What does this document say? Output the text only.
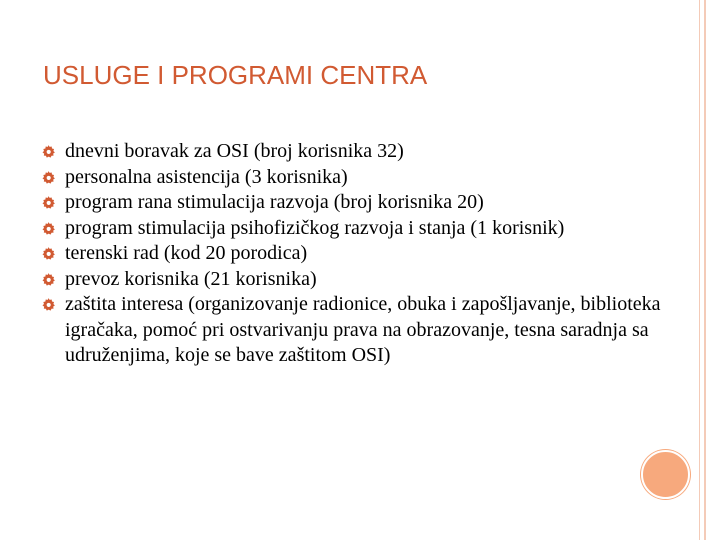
USLUGE I PROGRAMI CENTRA
dnevni boravak za OSI (broj korisnika 32)
personalna asistencija (3 korisnika)
program rana stimulacija razvoja (broj korisnika 20)
program stimulacija psihofizičkog razvoja i stanja (1 korisnik)
terenski rad (kod 20 porodica)
prevoz korisnika (21 korisnika)
zaštita interesa (organizovanje radionice, obuka i zapošljavanje, biblioteka igračaka, pomoć pri ostvarivanju prava na obrazovanje, tesna saradnja sa udruženjima, koje se bave zaštitom OSI)
